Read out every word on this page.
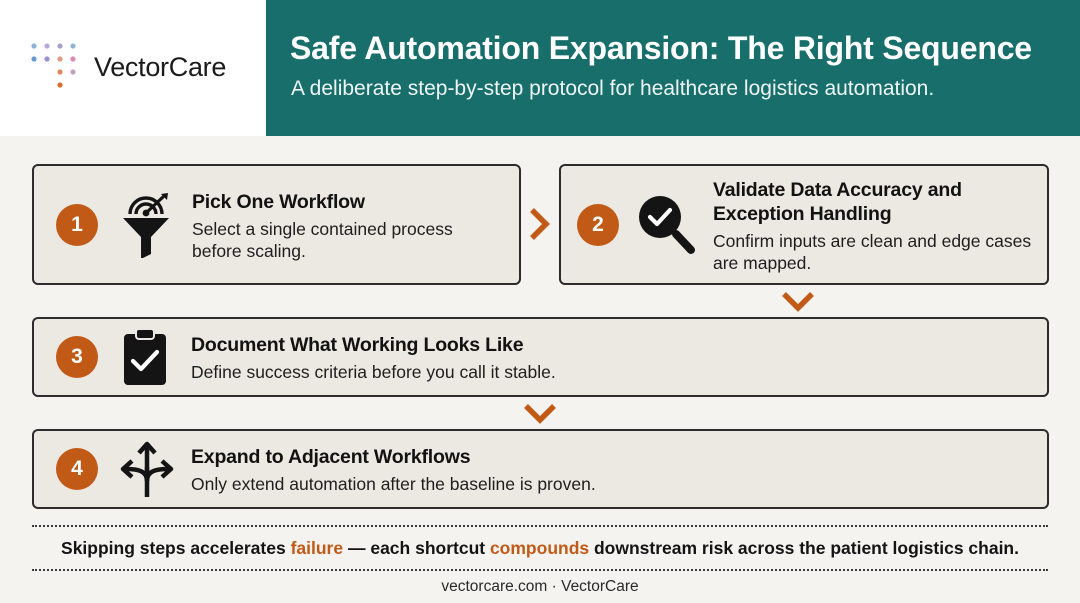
VectorCare
Safe Automation Expansion: The Right Sequence
A deliberate step-by-step protocol for healthcare logistics automation.
1
Pick One Workflow
Select a single contained process before scaling.
2
Validate Data Accuracy and Exception Handling
Confirm inputs are clean and edge cases are mapped.
3	Document What Working Looks Like
Define success criteria before you call it stable.
4	Expand to Adjacent Workflows
Only extend automation after the baseline is proven.
Skipping steps accelerates failure — each shortcut compounds downstream risk across the patient logistics chain.
vectorcare.com · VectorCare
